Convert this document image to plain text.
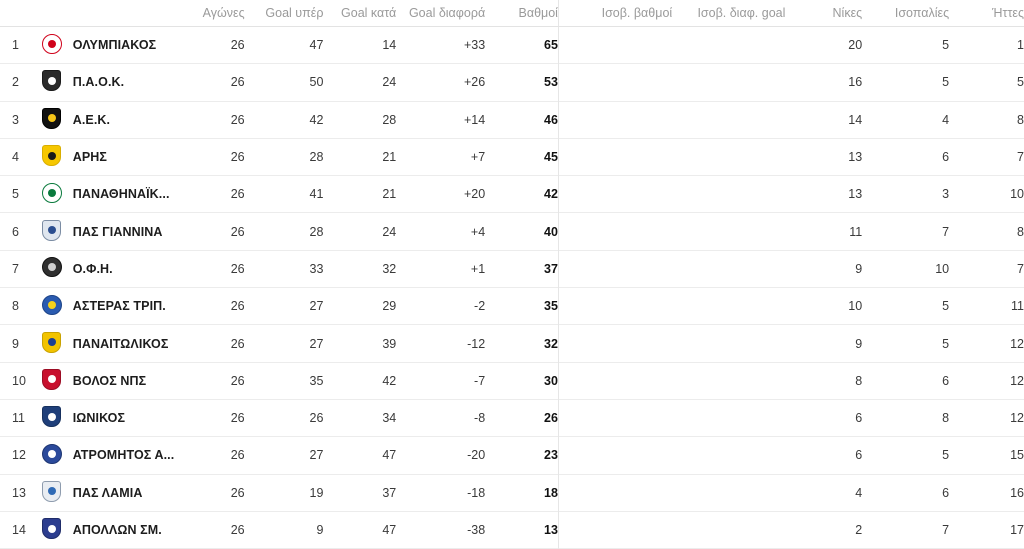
			Αγώνες	Goal υπέρ	Goal κατά	Goal διαφορά	Βαθμοί	Ισοβ. βαθμοί	Ισοβ. διαφ. goal	Νίκες	Ισοπαλίες	Ήττες
1		ΟΛΥΜΠΙΑΚΟΣ	26	47	14	+33	65			20	5	1
2		Π.Α.Ο.Κ.	26	50	24	+26	53			16	5	5
3		Α.Ε.Κ.	26	42	28	+14	46			14	4	8
4		ΑΡΗΣ	26	28	21	+7	45			13	6	7
5		ΠΑΝΑΘΗΝΑΪΚ...	26	41	21	+20	42			13	3	10
6		ΠΑΣ ΓΙΑΝΝΙΝΑ	26	28	24	+4	40			11	7	8
7		Ο.Φ.Η.	26	33	32	+1	37			9	10	7
8		ΑΣΤΕΡΑΣ ΤΡΙΠ.	26	27	29	-2	35			10	5	11
9		ΠΑΝΑΙΤΩΛΙΚΟΣ	26	27	39	-12	32			9	5	12
10		ΒΟΛΟΣ ΝΠΣ	26	35	42	-7	30			8	6	12
11		ΙΩΝΙΚΟΣ	26	26	34	-8	26			6	8	12
12		ΑΤΡΟΜΗΤΟΣ Α...	26	27	47	-20	23			6	5	15
13		ΠΑΣ ΛΑΜΙΑ	26	19	37	-18	18			4	6	16
14		ΑΠΟΛΛΩΝ ΣΜ.	26	9	47	-38	13			2	7	17
